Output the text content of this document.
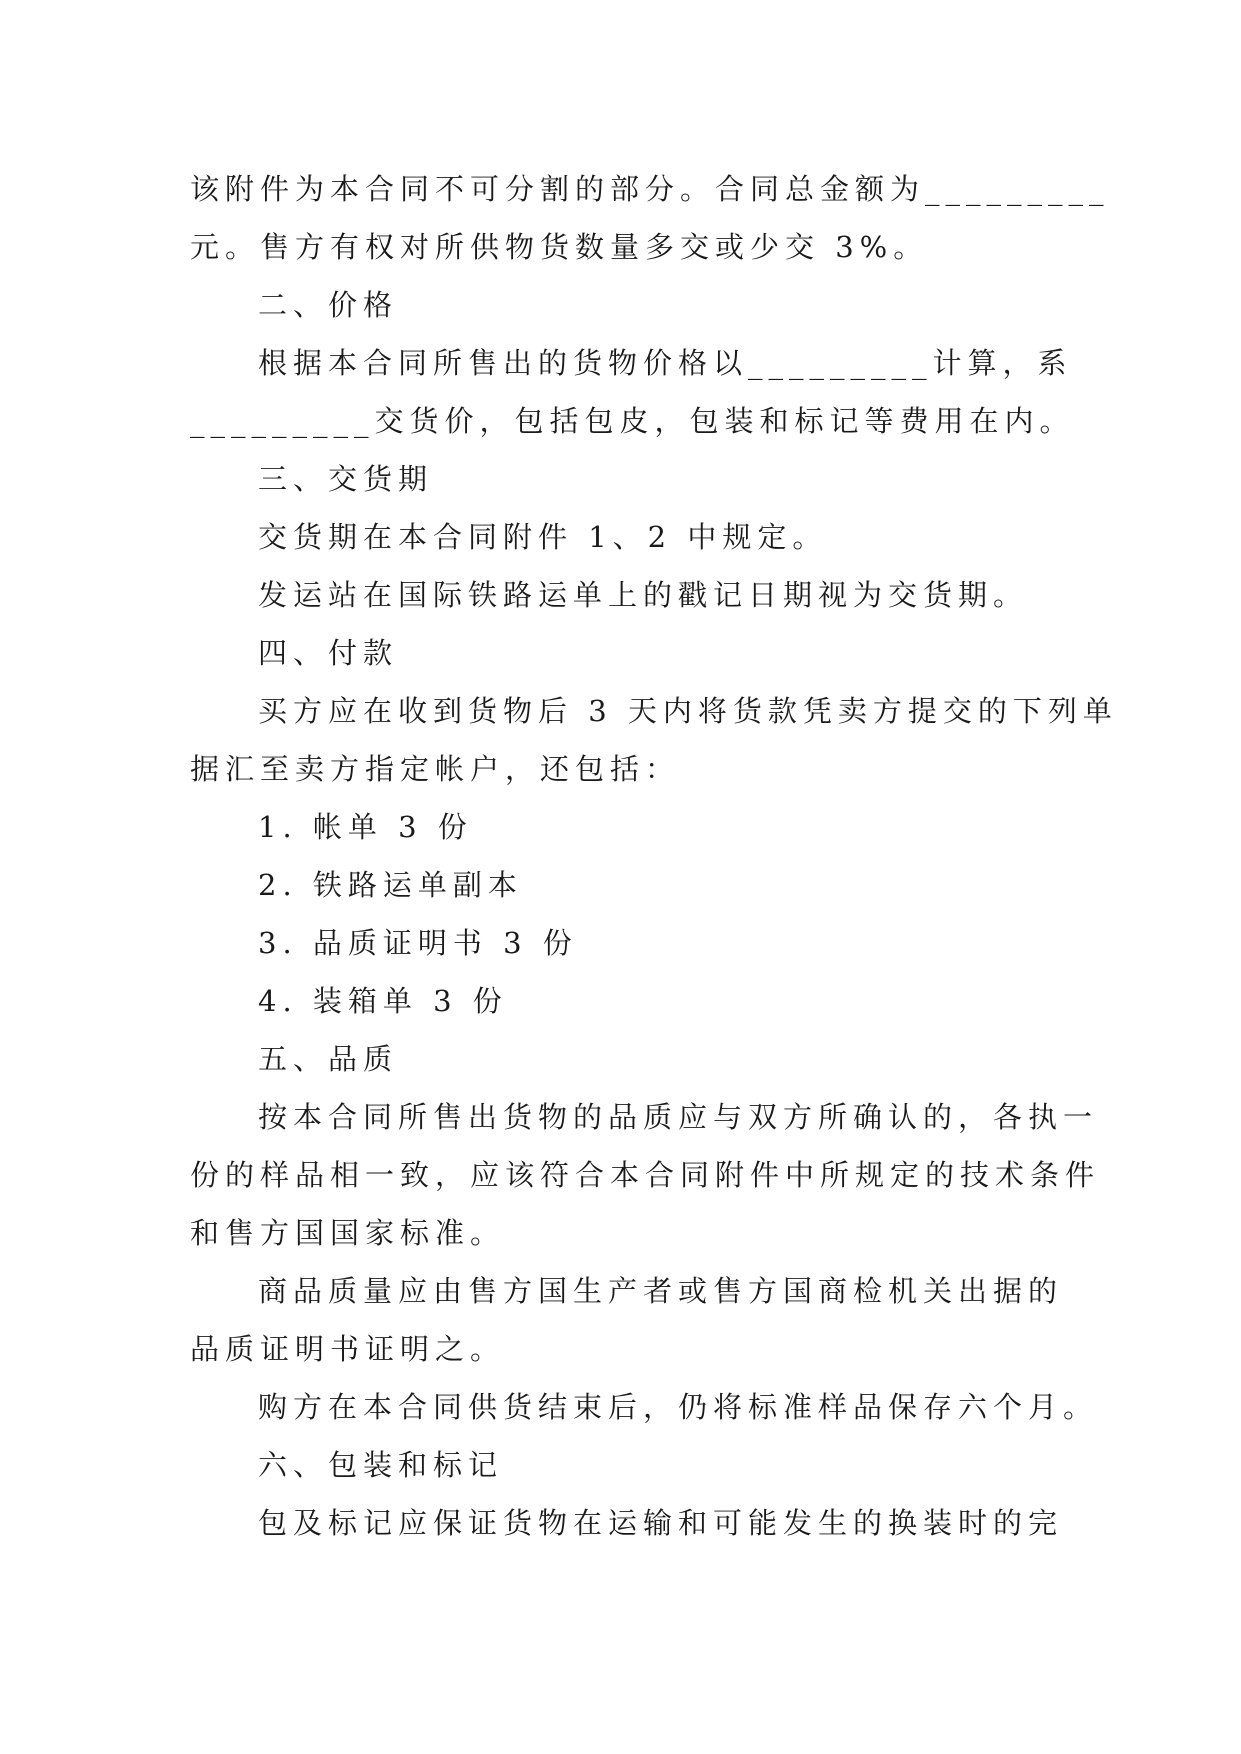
该附件为本合同不可分割的部分。合同总金额为_________
元。售方有权对所供物货数量多交或少交 3%。
二、价格
根据本合同所售出的货物价格以_________计算，系
_________交货价，包括包皮，包装和标记等费用在内。
三、交货期
交货期在本合同附件 1、2 中规定。
发运站在国际铁路运单上的戳记日期视为交货期。
四、付款
买方应在收到货物后 3 天内将货款凭卖方提交的下列单
据汇至卖方指定帐户，还包括：
1. 帐单 3 份
2. 铁路运单副本
3. 品质证明书 3 份
4. 装箱单 3 份
五、品质
按本合同所售出货物的品质应与双方所确认的，各执一
份的样品相一致，应该符合本合同附件中所规定的技术条件
和售方国国家标准。
商品质量应由售方国生产者或售方国商检机关出据的
品质证明书证明之。
购方在本合同供货结束后，仍将标准样品保存六个月。
六、包装和标记
包及标记应保证货物在运输和可能发生的换装时的完
